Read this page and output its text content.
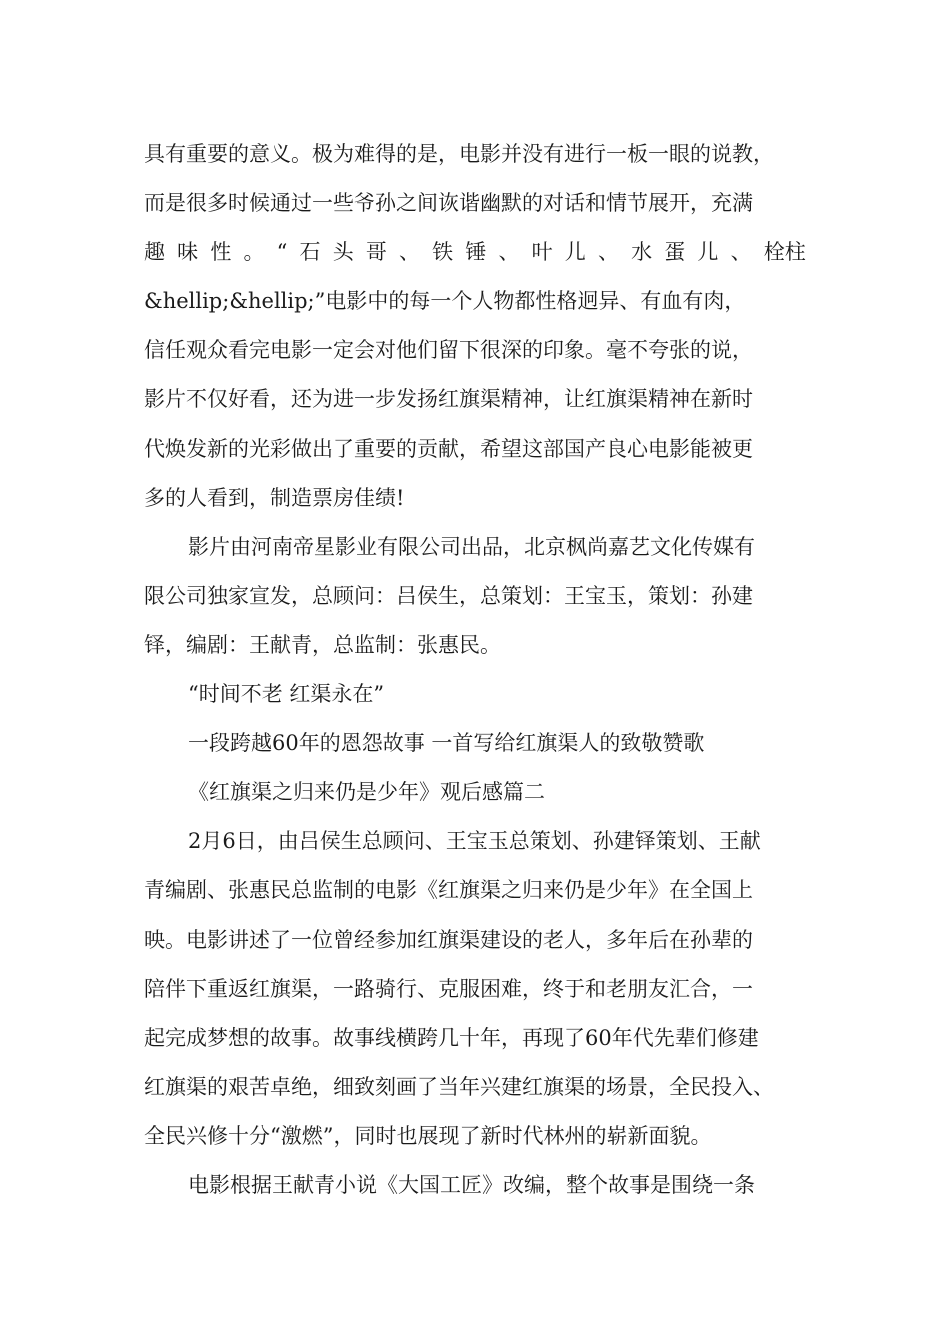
具有重要的意义。极为难得的是，电影并没有进行一板一眼的说教，
而是很多时候通过一些爷孙之间诙谐幽默的对话和情节展开，充满
趣 味 性 。 “ 石 头 哥 、 铁 锤 、 叶 儿 、 水 蛋 儿 、 栓柱
&hellip;&hellip;”电影中的每一个人物都性格迥异、有血有肉，
信任观众看完电影一定会对他们留下很深的印象。毫不夸张的说，
影片不仅好看，还为进一步发扬红旗渠精神，让红旗渠精神在新时
代焕发新的光彩做出了重要的贡献，希望这部国产良心电影能被更
多的人看到，制造票房佳绩!
影片由河南帝星影业有限公司出品，北京枫尚嘉艺文化传媒有
限公司独家宣发，总顾问：吕侯生，总策划：王宝玉，策划：孙建
铎，编剧：王献青，总监制：张惠民。
“时间不老 红渠永在”
一段跨越60年的恩怨故事 一首写给红旗渠人的致敬赞歌
《红旗渠之归来仍是少年》观后感篇二
2月6日，由吕侯生总顾问、王宝玉总策划、孙建铎策划、王献
青编剧、张惠民总监制的电影《红旗渠之归来仍是少年》在全国上
映。电影讲述了一位曾经参加红旗渠建设的老人，多年后在孙辈的
陪伴下重返红旗渠，一路骑行、克服困难，终于和老朋友汇合，一
起完成梦想的故事。故事线横跨几十年，再现了60年代先辈们修建
红旗渠的艰苦卓绝，细致刻画了当年兴建红旗渠的场景，全民投入、
全民兴修十分“激燃”，同时也展现了新时代林州的崭新面貌。
电影根据王献青小说《大国工匠》改编，整个故事是围绕一条
